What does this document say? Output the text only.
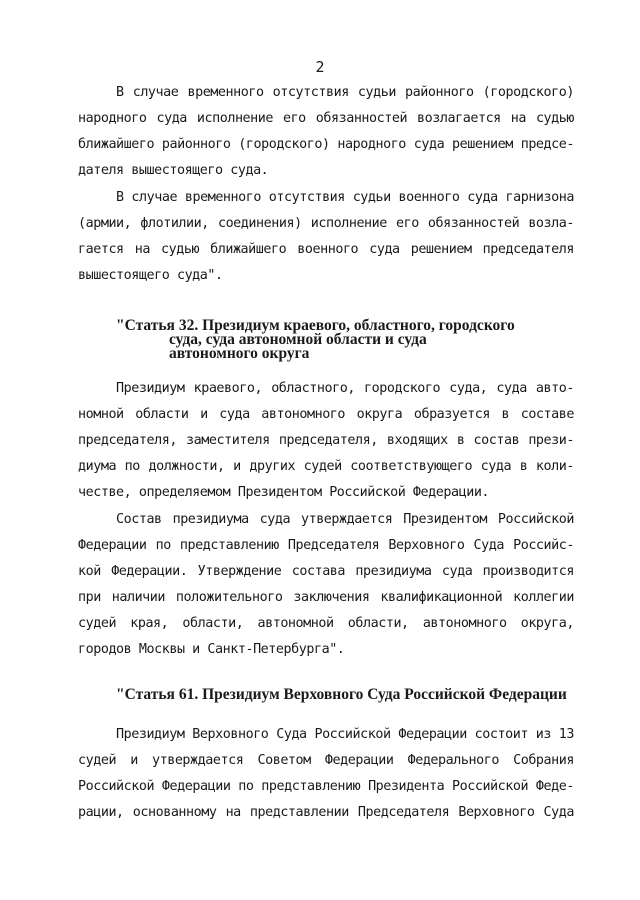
2
В случае временного отсутствия судьи районного (городского)
народного суда исполнение его обязанностей возлагается на судью
ближайшего районного (городского) народного суда решением предсе-
дателя вышестоящего суда.
В случае временного отсутствия судьи военного суда гарнизона
(армии, флотилии, соединения) исполнение его обязанностей возла-
гается на судью ближайшего военного суда решением председателя
вышестоящего суда".
"Статья 32. Президиум краевого, областного, городского
суда, суда автономной области и суда
автономного округа
Президиум краевого, областного, городского суда, суда авто-
номной области и суда автономного округа образуется в составе
председателя, заместителя председателя, входящих в состав прези-
диума по должности, и других судей соответствующего суда в коли-
честве, определяемом Президентом Российской Федерации.
Состав президиума суда утверждается Президентом Российской
Федерации по представлению Председателя Верховного Суда Российс-
кой Федерации. Утверждение состава президиума суда производится
при наличии положительного заключения квалификационной коллегии
судей края, области, автономной области, автономного округа,
городов Москвы и Санкт-Петербурга".
"Статья 61. Президиум Верховного Суда Российской Федерации
Президиум Верховного Суда Российской Федерации состоит из 13
судей и утверждается Советом Федерации Федерального Собрания
Российской Федерации по представлению Президента Российской Феде-
рации, основанному на представлении Председателя Верховного Суда
